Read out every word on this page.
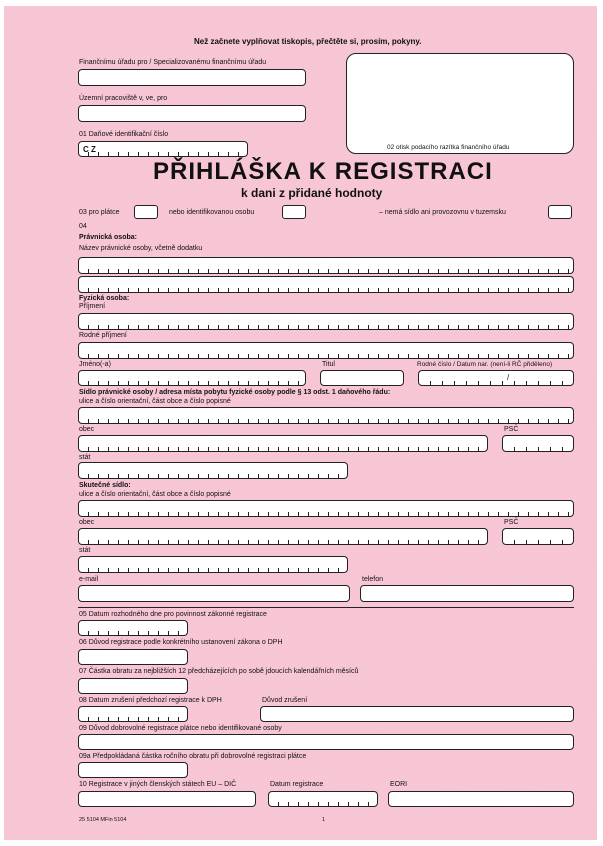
Než začnete vyplňovat tiskopis, přečtěte si, prosím, pokyny.
Finančnímu úřadu pro / Specializovanému finančnímu úřadu
Územní pracoviště v, ve, pro
01 Daňové identifikační číslo
C Z	02 otisk podacího razítka finančního úřadu
PŘIHLÁŠKA K REGISTRACI
k dani z přidané hodnoty
03 pro plátce	nebo identifikovanou osobu	– nemá sídlo ani provozovnu v tuzemsku
04
Právnická osoba:
Název právnické osoby, včetně dodatku
Fyzická osoba:
Příjmení
Rodné příjmení
Jméno(-a)	Titul	Rodné číslo / Datum nar. (není-li RČ přiděleno)
/
Sídlo právnické osoby / adresa místa pobytu fyzické osoby podle § 13 odst. 1 daňového řádu:
ulice a číslo orientační, část obce a číslo popisné
obec	PSČ
stát
Skutečné sídlo:
ulice a číslo orientační, část obce a číslo popisné
obec	PSČ
stát
e-mail	telefon
05 Datum rozhodného dne pro povinnost zákonné registrace
06 Důvod registrace podle konkrétního ustanovení zákona o DPH
07 Částka obratu za nejbližších 12 předcházejících po sobě jdoucích kalendářních měsíců
08 Datum zrušení předchozí registrace k DPH	Důvod zrušení
09 Důvod dobrovolné registrace plátce nebo identifikované osoby
09a Předpokládaná částka ročního obratu při dobrovolné registraci plátce
10 Registrace v jiných členských státech EU – DIČ	Datum registrace	EORI
25 5104 MFin 5104	1
